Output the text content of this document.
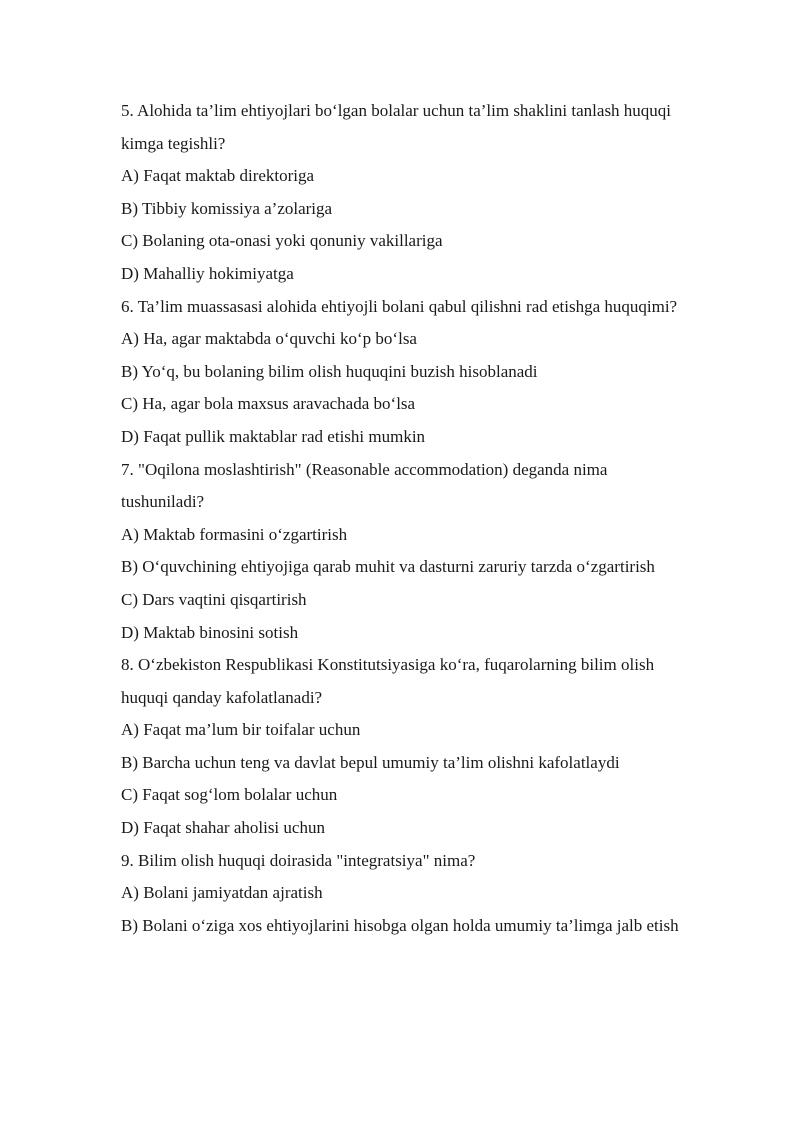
5. Alohida ta’lim ehtiyojlari bo‘lgan bolalar uchun ta’lim shaklini tanlash huquqi kimga tegishli?

A) Faqat maktab direktoriga

B) Tibbiy komissiya a’zolariga

C) Bolaning ota-onasi yoki qonuniy vakillariga

D) Mahalliy hokimiyatga

6. Ta’lim muassasasi alohida ehtiyojli bolani qabul qilishni rad etishga huquqimi?

A) Ha, agar maktabda o‘quvchi ko‘p bo‘lsa

B) Yo‘q, bu bolaning bilim olish huquqini buzish hisoblanadi

C) Ha, agar bola maxsus aravachada bo‘lsa

D) Faqat pullik maktablar rad etishi mumkin

7. "Oqilona moslashtirish" (Reasonable accommodation) deganda nima tushuniladi?

A) Maktab formasini o‘zgartirish

B) O‘quvchining ehtiyojiga qarab muhit va dasturni zaruriy tarzda o‘zgartirish

C) Dars vaqtini qisqartirish

D) Maktab binosini sotish

8. O‘zbekiston Respublikasi Konstitutsiyasiga ko‘ra, fuqarolarning bilim olish huquqi qanday kafolatlanadi?

A) Faqat ma’lum bir toifalar uchun

B) Barcha uchun teng va davlat bepul umumiy ta’lim olishni kafolatlaydi

C) Faqat sog‘lom bolalar uchun

D) Faqat shahar aholisi uchun

9. Bilim olish huquqi doirasida "integratsiya" nima?

A) Bolani jamiyatdan ajratish

B) Bolani o‘ziga xos ehtiyojlarini hisobga olgan holda umumiy ta’limga jalb etish
